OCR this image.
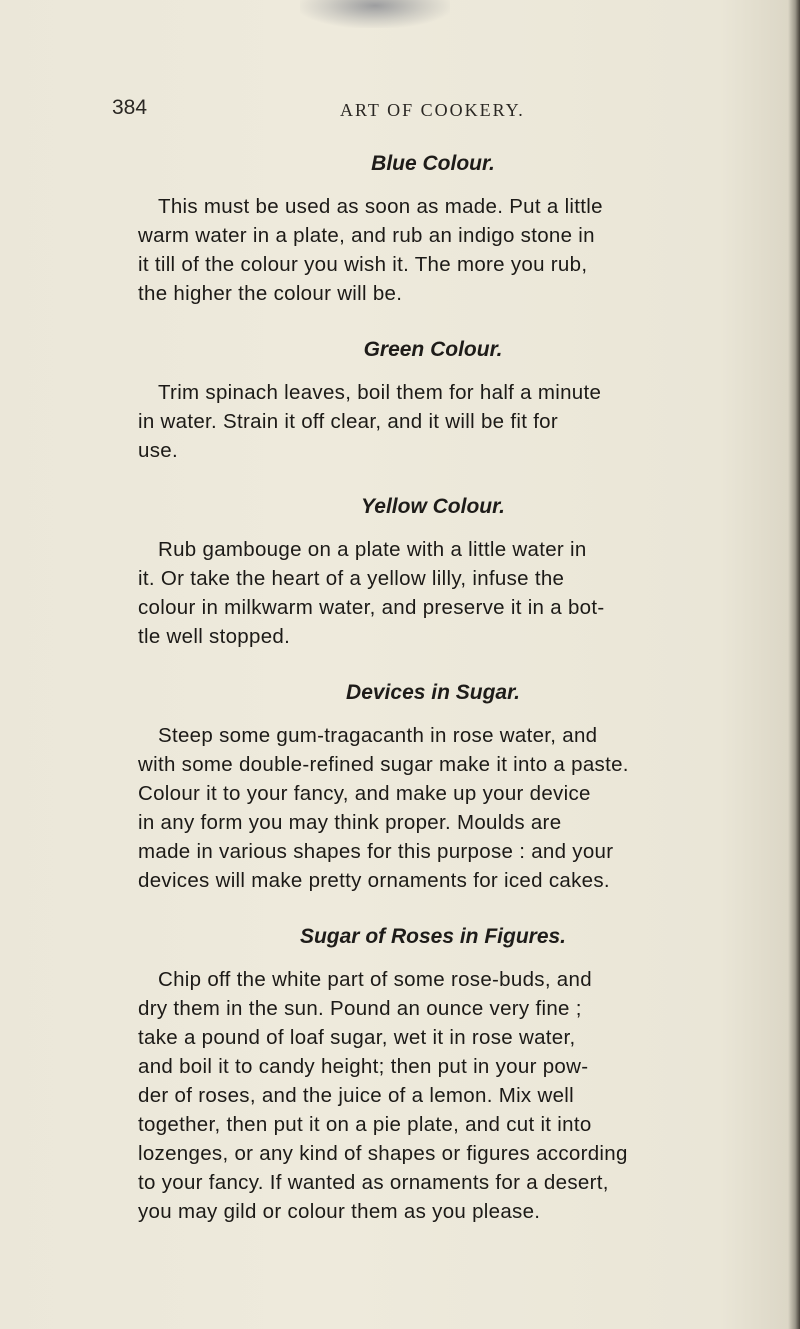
384	ART OF COOKERY.
Blue Colour.
This must be used as soon as made. Put a little
warm water in a plate, and rub an indigo stone in
it till of the colour you wish it. The more you rub,
the higher the colour will be.
Green Colour.
Trim spinach leaves, boil them for half a minute
in water. Strain it off clear, and it will be fit for
use.
Yellow Colour.
Rub gambouge on a plate with a little water in
it. Or take the heart of a yellow lilly, infuse the
colour in milkwarm water, and preserve it in a bot-
tle well stopped.
Devices in Sugar.
Steep some gum-tragacanth in rose water, and
with some double-refined sugar make it into a paste.
Colour it to your fancy, and make up your device
in any form you may think proper. Moulds are
made in various shapes for this purpose : and your
devices will make pretty ornaments for iced cakes.
Sugar of Roses in Figures.
Chip off the white part of some rose-buds, and
dry them in the sun. Pound an ounce very fine ;
take a pound of loaf sugar, wet it in rose water,
and boil it to candy height; then put in your pow-
der of roses, and the juice of a lemon. Mix well
together, then put it on a pie plate, and cut it into
lozenges, or any kind of shapes or figures according
to your fancy. If wanted as ornaments for a desert,
you may gild or colour them as you please.
